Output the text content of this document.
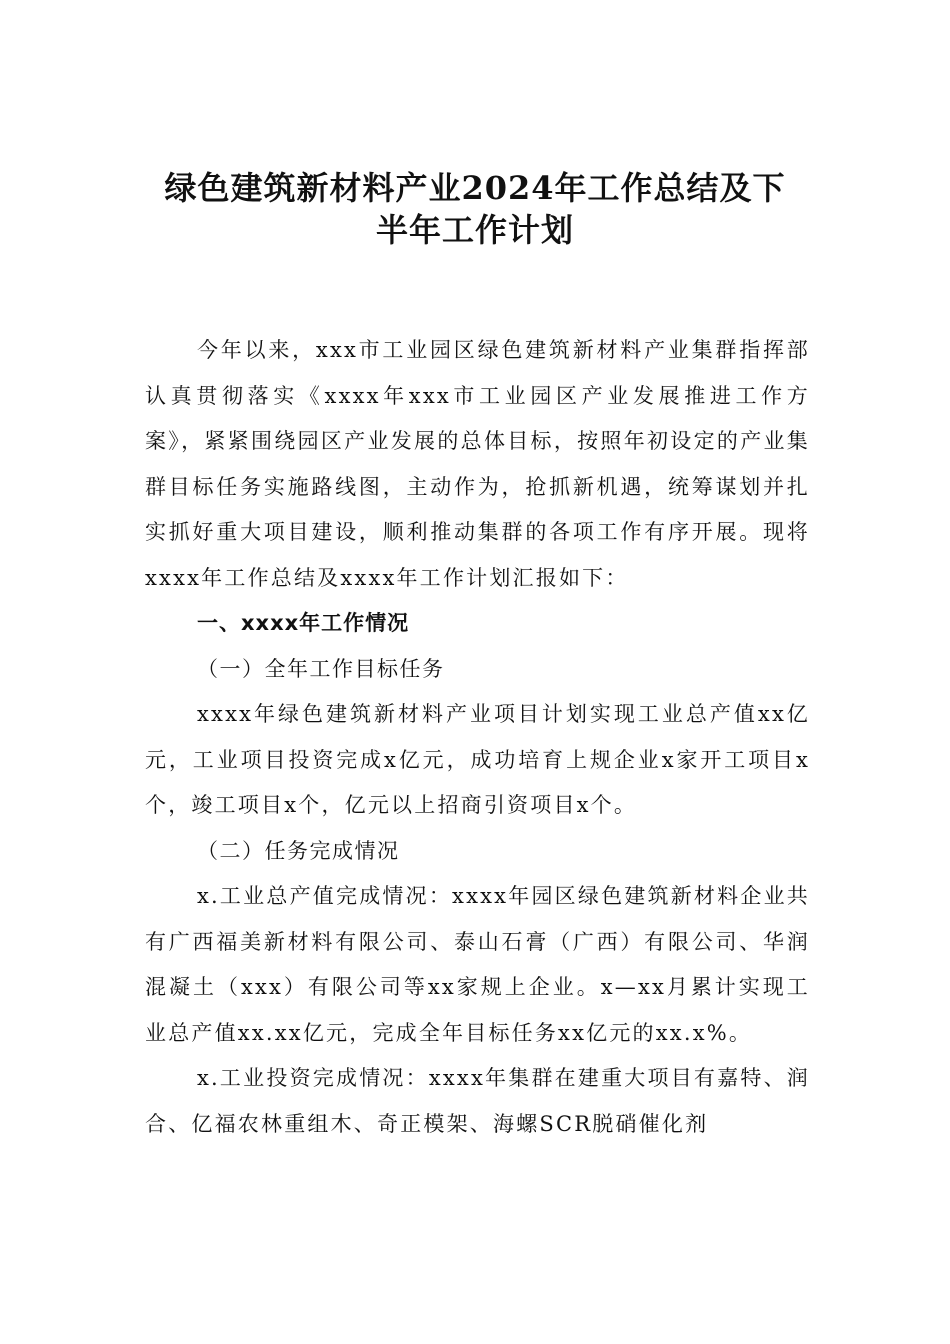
绿色建筑新材料产业2024年工作总结及下
半年工作计划

今年以来，xxx市工业园区绿色建筑新材料产业集群指挥部认真贯彻落实《xxxx年xxx市工业园区产业发展推进工作方案》，紧紧围绕园区产业发展的总体目标，按照年初设定的产业集群目标任务实施路线图，主动作为，抢抓新机遇，统筹谋划并扎实抓好重大项目建设，顺利推动集群的各项工作有序开展。现将xxxx年工作总结及xxxx年工作计划汇报如下：

一、xxxx年工作情况

（一）全年工作目标任务

xxxx年绿色建筑新材料产业项目计划实现工业总产值xx亿元，工业项目投资完成x亿元，成功培育上规企业x家开工项目x个，竣工项目x个，亿元以上招商引资项目x个。

（二）任务完成情况

x.工业总产值完成情况：xxxx年园区绿色建筑新材料企业共有广西福美新材料有限公司、泰山石膏（广西）有限公司、华润混凝土（xxx）有限公司等xx家规上企业。x—xx月累计实现工业总产值xx.xx亿元，完成全年目标任务xx亿元的xx.x%。

x.工业投资完成情况：xxxx年集群在建重大项目有嘉特、润合、亿福农林重组木、奇正模架、海螺SCR脱硝催化剂
